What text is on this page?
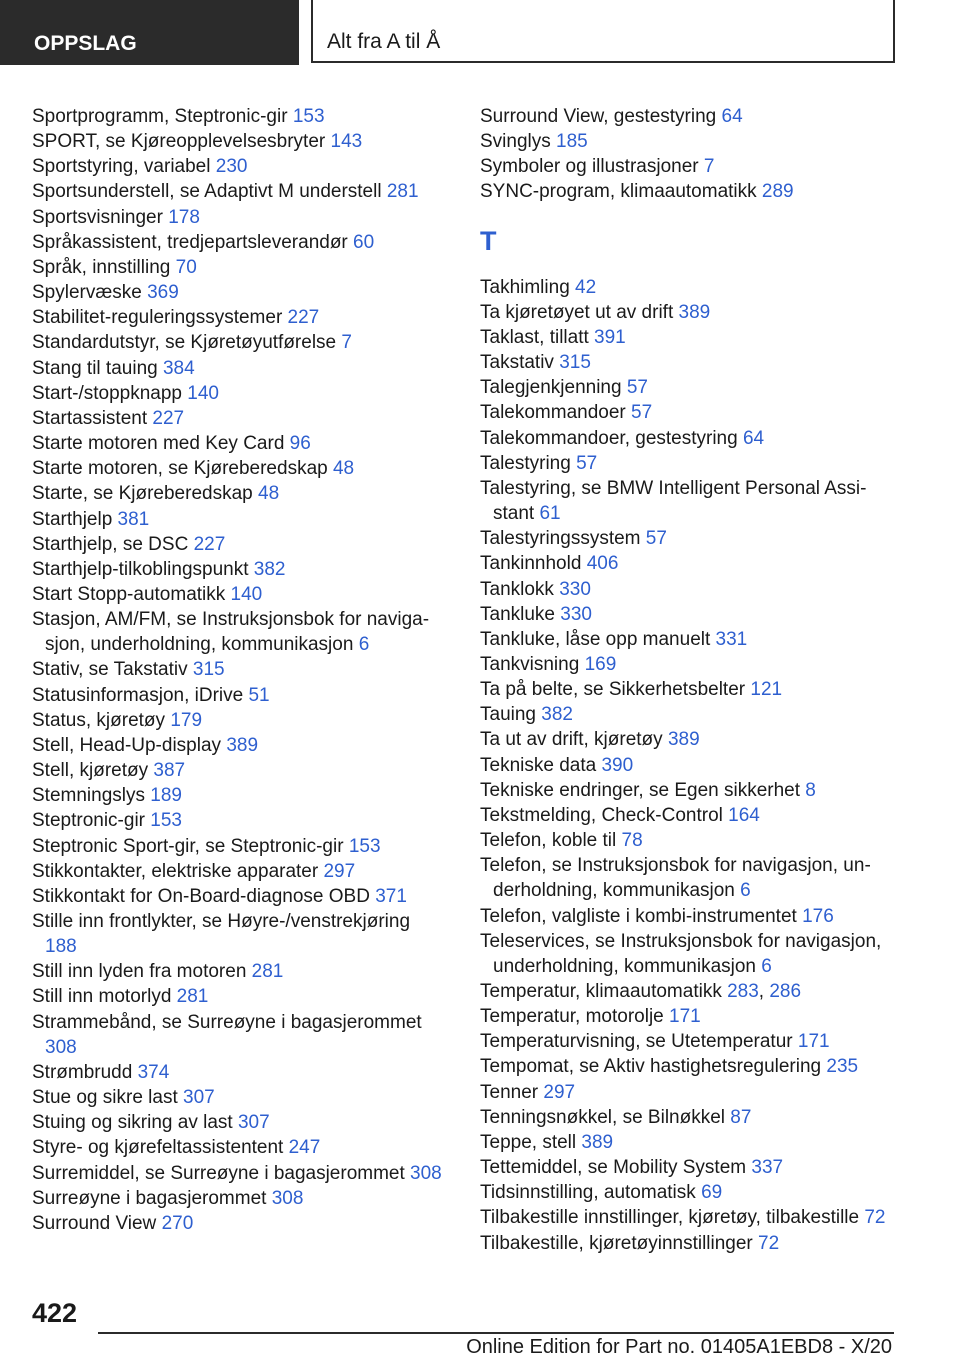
OPPSLAG	Alt fra A til Å
Sportprogramm, Steptronic-gir 153
SPORT, se Kjøreopplevelsesbryter 143
Sportstyring, variabel 230
Sportsunderstell, se Adaptivt M understell 281
Sportsvisninger 178
Språkassistent, tredjepartsleverandør 60
Språk, innstilling 70
Spylervæske 369
Stabilitet-reguleringssystemer 227
Standardutstyr, se Kjøretøyutførelse 7
Stang til tauing 384
Start-/stoppknapp 140
Startassistent 227
Starte motoren med Key Card 96
Starte motoren, se Kjøreberedskap 48
Starte, se Kjøreberedskap 48
Starthjelp 381
Starthjelp, se DSC 227
Starthjelp-tilkoblingspunkt 382
Start Stopp-automatikk 140
Stasjon, AM/FM, se Instruksjonsbok for navigasjon, underholdning, kommunikasjon 6
Stativ, se Takstativ 315
Statusinformasjon, iDrive 51
Status, kjøretøy 179
Stell, Head-Up-display 389
Stell, kjøretøy 387
Stemningslys 189
Steptronic-gir 153
Steptronic Sport-gir, se Steptronic-gir 153
Stikkontakter, elektriske apparater 297
Stikkontakt for On-Board-diagnose OBD 371
Stille inn frontlykter, se Høyre-/venstrekjøring 188
Still inn lyden fra motoren 281
Still inn motorlyd 281
Strammebånd, se Surreøyne i bagasjerommet 308
Strømbrudd 374
Stue og sikre last 307
Stuing og sikring av last 307
Styre- og kjørefeltassistentent 247
Surremiddel, se Surreøyne i bagasjerommet 308
Surreøyne i bagasjerommet 308
Surround View 270
Surround View, gestestyring 64
Svinglys 185
Symboler og illustrasjoner 7
SYNC-program, klimaautomatikk 289
T
Takhimling 42
Ta kjøretøyet ut av drift 389
Taklast, tillatt 391
Takstativ 315
Talegjenkjenning 57
Talekommandoer 57
Talekommandoer, gestestyring 64
Talestyring 57
Talestyring, se BMW Intelligent Personal Assistant 61
Talestyringssystem 57
Tankinnhold 406
Tanklokk 330
Tankluke 330
Tankluke, låse opp manuelt 331
Tankvisning 169
Ta på belte, se Sikkerhetsbelter 121
Tauing 382
Ta ut av drift, kjøretøy 389
Tekniske data 390
Tekniske endringer, se Egen sikkerhet 8
Tekstmelding, Check-Control 164
Telefon, koble til 78
Telefon, se Instruksjonsbok for navigasjon, underholdning, kommunikasjon 6
Telefon, valgliste i kombi-instrumentet 176
Teleservices, se Instruksjonsbok for navigasjon, underholdning, kommunikasjon 6
Temperatur, klimaautomatikk 283, 286
Temperatur, motorolje 171
Temperaturvisning, se Utetemperatur 171
Tempomat, se Aktiv hastighetsregulering 235
Tenner 297
Tenningsnøkkel, se Bilnøkkel 87
Teppe, stell 389
Tettemiddel, se Mobility System 337
Tidsinnstilling, automatisk 69
Tilbakestille innstillinger, kjøretøy, tilbakestille 72
Tilbakestille, kjøretøyinnstillinger 72
422
Online Edition for Part no. 01405A1EBD8 - X/20
